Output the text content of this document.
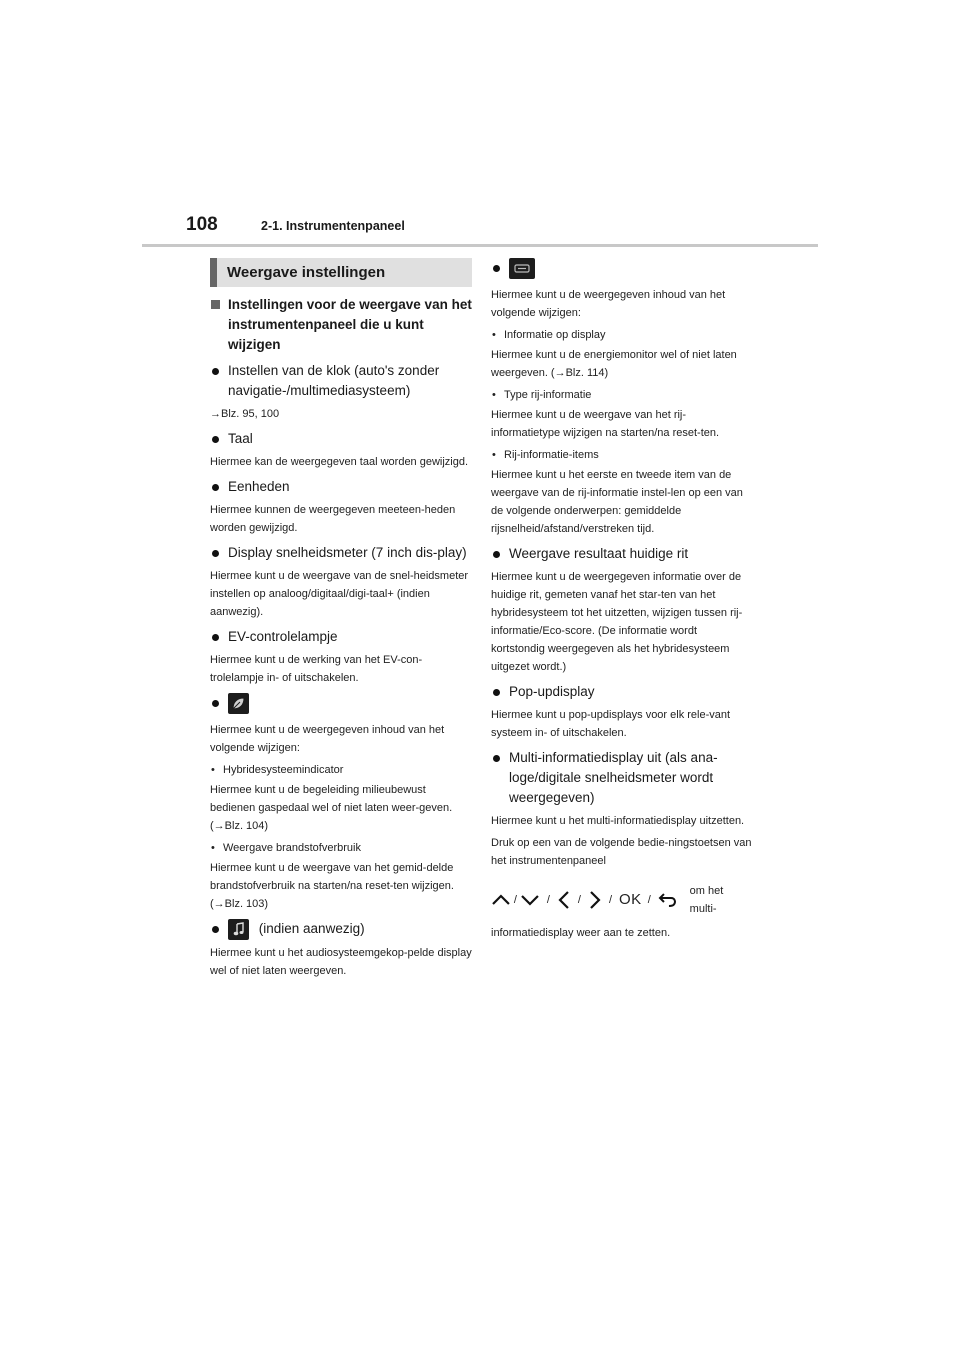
108	2-1. Instrumentenpaneel
Weergave instellingen
Instellingen voor de weergave van het instrumentenpaneel die u kunt wijzigen
Instellen van de klok (auto's zonder navigatie-/multimediasysteem)

→Blz. 95, 100

Taal

Hiermee kan de weergegeven taal worden gewijzigd.

Eenheden

Hiermee kunnen de weergegeven meeteen-heden worden gewijzigd.

Display snelheidsmeter (7 inch dis-play)

Hiermee kunt u de weergave van de snel-heidsmeter instellen op analoog/digitaal/digi-taal+ (indien aanwezig).

EV-controlelampje

Hiermee kunt u de werking van het EV-con-trolelampje in- of uitschakelen.

Hiermee kunt u de weergegeven inhoud van het volgende wijzigen:

• Hybridesysteemindicator

Hiermee kunt u de begeleiding milieubewust bedienen gaspedaal wel of niet laten weer-geven. (→Blz. 104)

• Weergave brandstofverbruik

Hiermee kunt u de weergave van het gemid-delde brandstofverbruik na starten/na reset-ten wijzigen. (→Blz. 103)

(indien aanwezig)

Hiermee kunt u het audiosysteemgekop-pelde display wel of niet laten weergeven.

Hiermee kunt u de weergegeven inhoud van het volgende wijzigen:

• Informatie op display

Hiermee kunt u de energiemonitor wel of niet laten weergeven. (→Blz. 114)

• Type rij-informatie

Hiermee kunt u de weergave van het rij-informatietype wijzigen na starten/na reset-ten.

• Rij-informatie-items

Hiermee kunt u het eerste en tweede item van de weergave van de rij-informatie instel-len op een van de volgende onderwerpen: gemiddelde rijsnelheid/afstand/verstreken tijd.

Weergave resultaat huidige rit

Hiermee kunt u de weergegeven informatie over de huidige rit, gemeten vanaf het star-ten van het hybridesysteem tot het uitzetten, wijzigen tussen rij-informatie/Eco-score. (De informatie wordt kortstondig weergegeven als het hybridesysteem uitgezet wordt.)

Pop-updisplay

Hiermee kunt u pop-updisplays voor elk rele-vant systeem in- of uitschakelen.

Multi-informatiedisplay uit (als ana-loge/digitale snelheidsmeter wordt weergegeven)

Hiermee kunt u het multi-informatiedisplay uitzetten.

Druk op een van de volgende bedie-ningstoetsen van het instrumentenpaneel

/	/	/	/ OK /
om het multi-

informatiedisplay weer aan te zetten.
